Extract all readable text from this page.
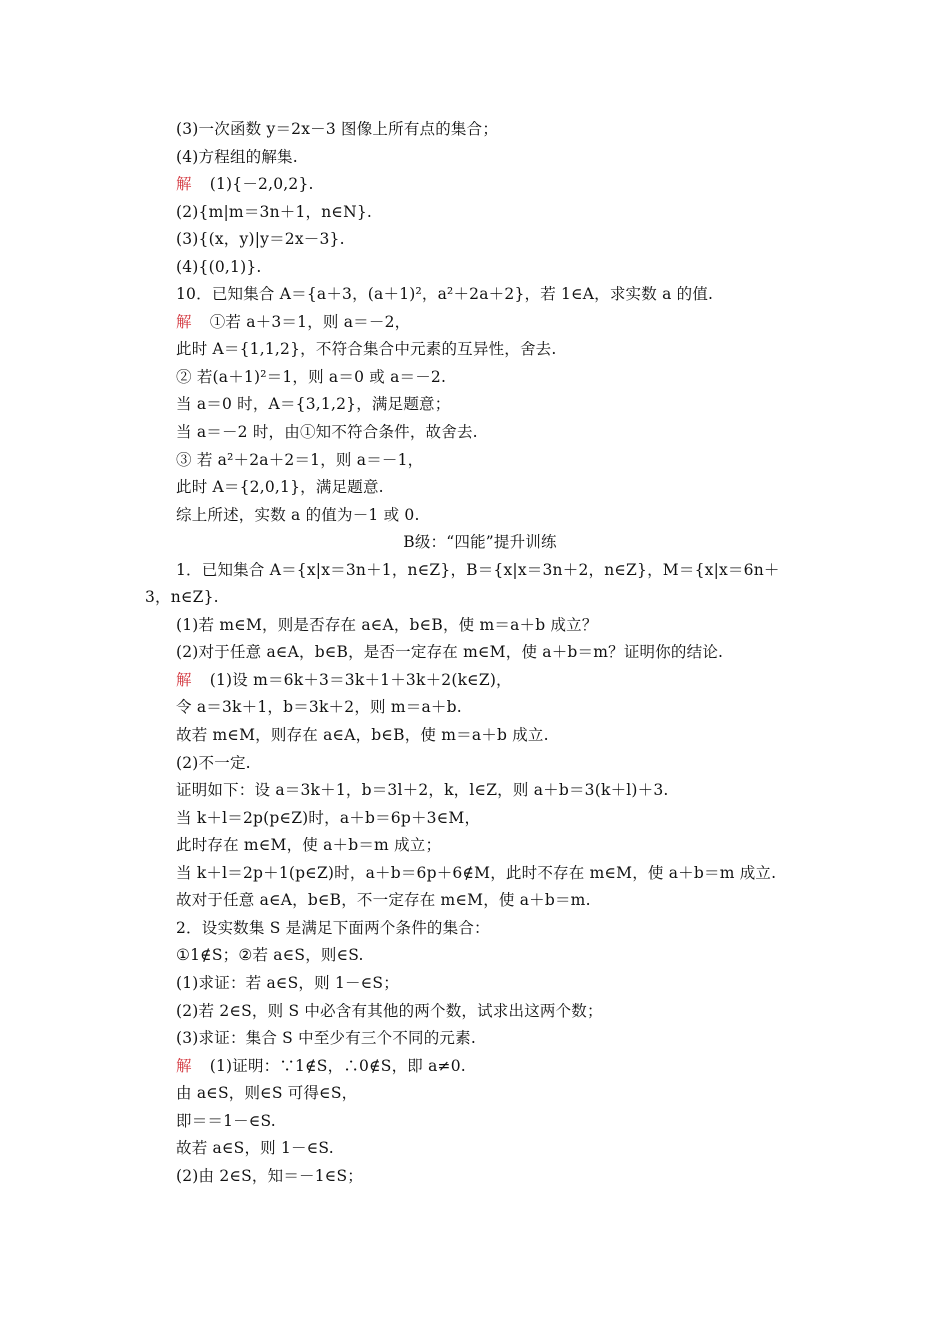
(3)一次函数 y＝2x－3 图像上所有点的集合；
(4)方程组的解集.
解 (1){－2,0,2}.
(2){m|m＝3n＋1，n∈N}.
(3){(x，y)|y＝2x－3}.
(4){(0,1)}.
10．已知集合 A＝{a＋3，(a＋1)²，a²＋2a＋2}，若 1∈A，求实数 a 的值.
解 ①若 a＋3＝1，则 a＝－2，
此时 A＝{1,1,2}，不符合集合中元素的互异性，舍去.
② 若(a＋1)²＝1，则 a＝0 或 a＝－2.
当 a＝0 时，A＝{3,1,2}，满足题意；
当 a＝－2 时，由①知不符合条件，故舍去.
③ 若 a²＋2a＋2＝1，则 a＝－1，
此时 A＝{2,0,1}，满足题意.
综上所述，实数 a 的值为－1 或 0.
B级：“四能”提升训练
1．已知集合 A＝{x|x＝3n＋1，n∈Z}，B＝{x|x＝3n＋2，n∈Z}，M＝{x|x＝6n＋
3，n∈Z}.
(1)若 m∈M，则是否存在 a∈A，b∈B，使 m＝a＋b 成立？
(2)对于任意 a∈A，b∈B，是否一定存在 m∈M，使 a＋b＝m？证明你的结论.
解 (1)设 m＝6k＋3＝3k＋1＋3k＋2(k∈Z)，
令 a＝3k＋1，b＝3k＋2，则 m＝a＋b.
故若 m∈M，则存在 a∈A，b∈B，使 m＝a＋b 成立.
(2)不一定.
证明如下：设 a＝3k＋1，b＝3l＋2，k，l∈Z，则 a＋b＝3(k＋l)＋3.
当 k＋l＝2p(p∈Z)时，a＋b＝6p＋3∈M，
此时存在 m∈M，使 a＋b＝m 成立；
当 k＋l＝2p＋1(p∈Z)时，a＋b＝6p＋6∉M，此时不存在 m∈M，使 a＋b＝m 成立.
故对于任意 a∈A，b∈B，不一定存在 m∈M，使 a＋b＝m.
2．设实数集 S 是满足下面两个条件的集合：
①1∉S；②若 a∈S，则∈S.
(1)求证：若 a∈S，则 1－∈S；
(2)若 2∈S，则 S 中必含有其他的两个数，试求出这两个数；
(3)求证：集合 S 中至少有三个不同的元素.
解 (1)证明：∵1∉S，∴0∉S，即 a≠0.
由 a∈S，则∈S 可得∈S，
即＝＝1－∈S.
故若 a∈S，则 1－∈S.
(2)由 2∈S，知＝－1∈S；
